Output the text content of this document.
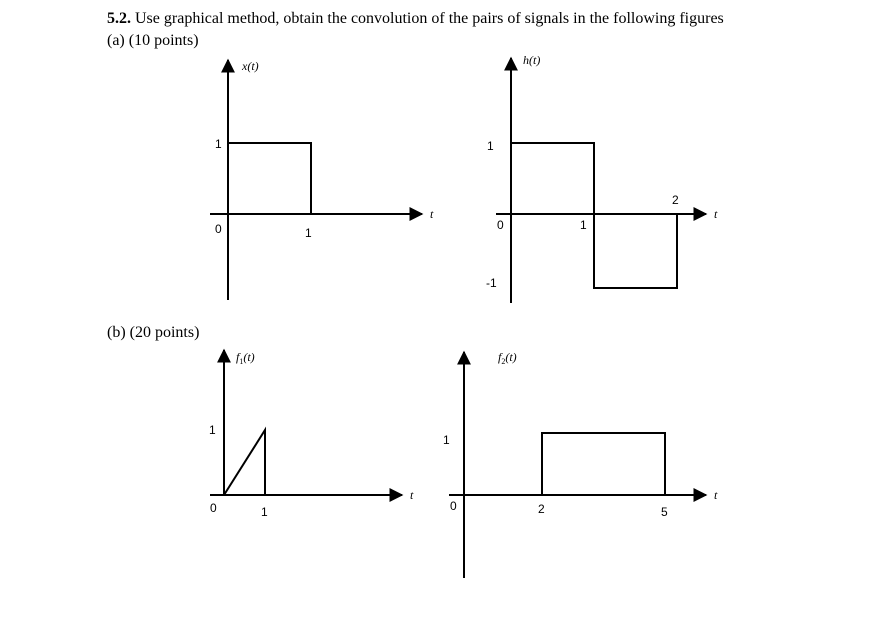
5.2. Use graphical method, obtain the convolution of the pairs of signals in the following figures
(a) (10 points)
(b) (20 points)
x(t)
1
0	1
t
h(t)
1
0	1
2
-1
t
$f_1(t)$
1
0	1
t
$f_2(t)$
1
0	2	5
t
